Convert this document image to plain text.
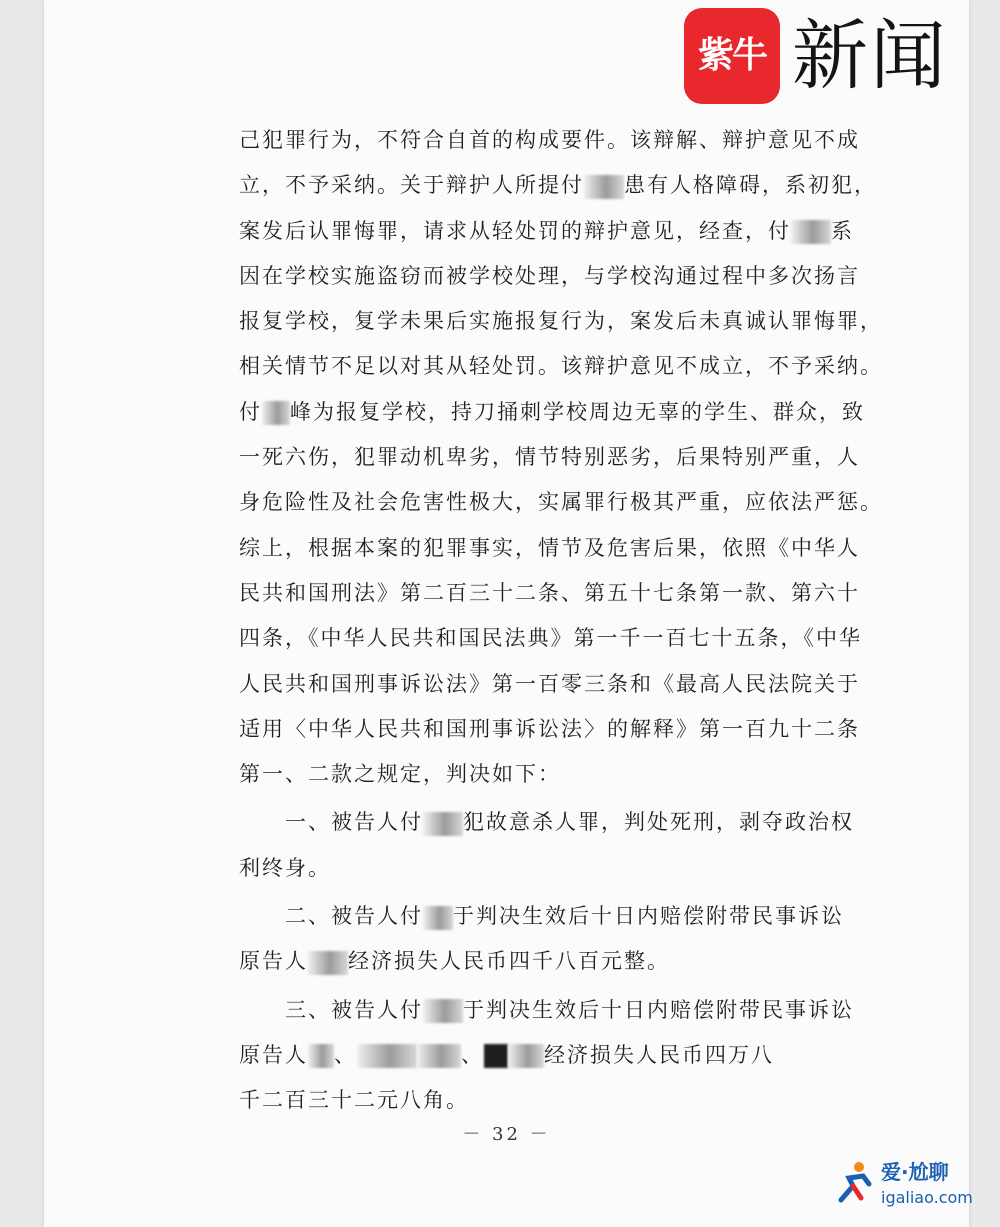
紫牛 新闻
己犯罪行为，不符合自首的构成要件。该辩解、辩护意见不成
立，不予采纳。关于辩护人所提付 患有人格障碍，系初犯，
案发后认罪悔罪，请求从轻处罚的辩护意见，经查，付 系
因在学校实施盗窃而被学校处理，与学校沟通过程中多次扬言
报复学校，复学未果后实施报复行为，案发后未真诚认罪悔罪，
相关情节不足以对其从轻处罚。该辩护意见不成立，不予采纳。
付 峰为报复学校，持刀捅刺学校周边无辜的学生、群众，致
一死六伤，犯罪动机卑劣，情节特别恶劣，后果特别严重，人
身危险性及社会危害性极大，实属罪行极其严重，应依法严惩。
综上，根据本案的犯罪事实，情节及危害后果，依照《中华人
民共和国刑法》第二百三十二条、第五十七条第一款、第六十
四条，《中华人民共和国民法典》第一千一百七十五条，《中华
人民共和国刑事诉讼法》第一百零三条和《最高人民法院关于
适用〈中华人民共和国刑事诉讼法〉的解释》第一百九十二条
第一、二款之规定，判决如下：
一、被告人付 犯故意杀人罪，判处死刑，剥夺政治权
利终身。
二、被告人付 于判决生效后十日内赔偿附带民事诉讼
原告人 经济损失人民币四千八百元整。
三、被告人付 于判决生效后十日内赔偿附带民事诉讼
原告人 、	、	经济损失人民币四万八
千二百三十二元八角。
－ 32 －
爱·尬聊
igaliao.com
